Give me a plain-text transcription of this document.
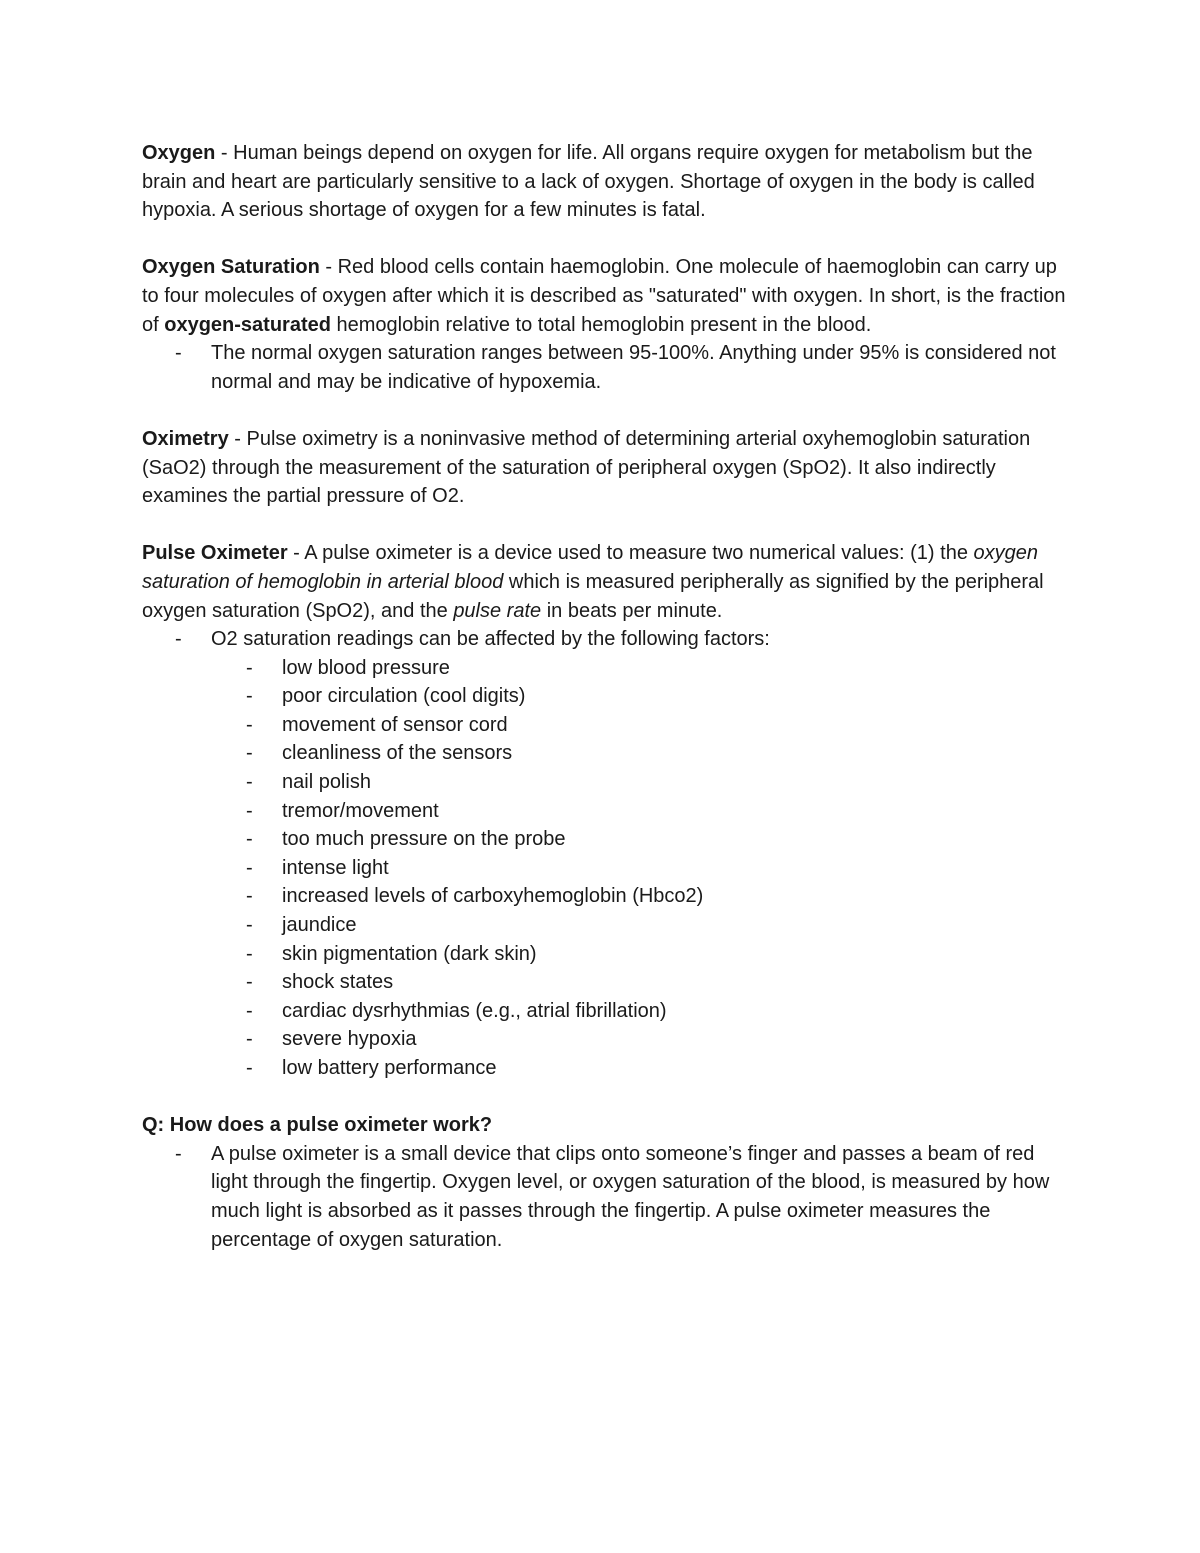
Oxygen - Human beings depend on oxygen for life. All organs require oxygen for metabolism but the brain and heart are particularly sensitive to a lack of oxygen. Shortage of oxygen in the body is called hypoxia. A serious shortage of oxygen for a few minutes is fatal.

Oxygen Saturation - Red blood cells contain haemoglobin. One molecule of haemoglobin can carry up to four molecules of oxygen after which it is described as "saturated" with oxygen. In short, is the fraction of oxygen-saturated hemoglobin relative to total hemoglobin present in the blood.

- The normal oxygen saturation ranges between 95-100%. Anything under 95% is considered not normal and may be indicative of hypoxemia.

Oximetry - Pulse oximetry is a noninvasive method of determining arterial oxyhemoglobin saturation (SaO2) through the measurement of the saturation of peripheral oxygen (SpO2). It also indirectly examines the partial pressure of O2.

Pulse Oximeter - A pulse oximeter is a device used to measure two numerical values: (1) the oxygen saturation of hemoglobin in arterial blood which is measured peripherally as signified by the peripheral oxygen saturation (SpO2), and the pulse rate in beats per minute.

- O2 saturation readings can be affected by the following factors:
- low blood pressure
- poor circulation (cool digits)
- movement of sensor cord
- cleanliness of the sensors
- nail polish
- tremor/movement
- too much pressure on the probe
- intense light
- increased levels of carboxyhemoglobin (Hbco2)
- jaundice
- skin pigmentation (dark skin)
- shock states
- cardiac dysrhythmias (e.g., atrial fibrillation)
- severe hypoxia
- low battery performance

Q: How does a pulse oximeter work?

- A pulse oximeter is a small device that clips onto someone’s finger and passes a beam of red light through the fingertip. Oxygen level, or oxygen saturation of the blood, is measured by how much light is absorbed as it passes through the fingertip. A pulse oximeter measures the percentage of oxygen saturation.
